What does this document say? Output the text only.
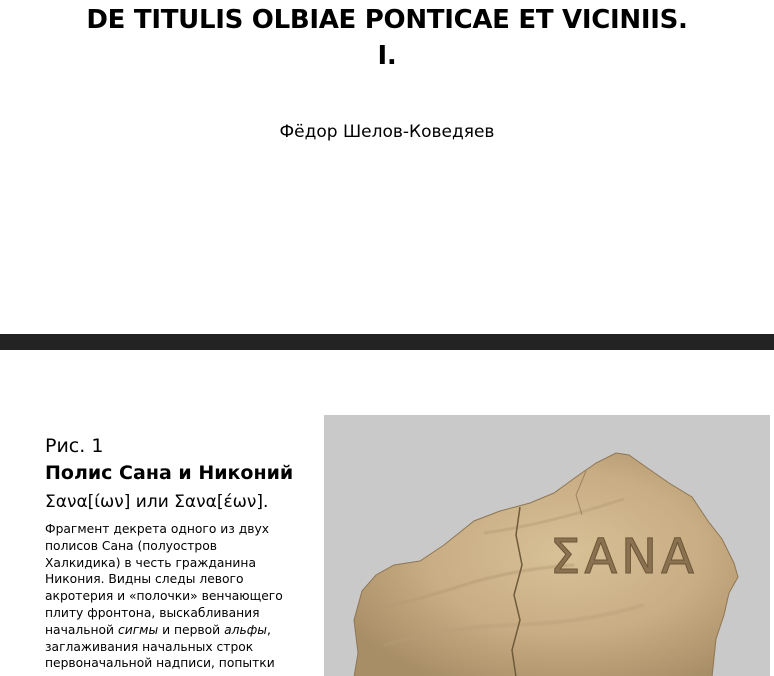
DE TITULIS OLBIAE PONTICAE ET VICINIIS.
I.
Фёдор Шелов-Коведяев
Рис. 1
Полис Сана и Никоний
Σανα[ίων] или Σανα[έων].
Фрагмент декрета одного из двух полисов Сана (полуостров Халкидика) в честь гражданина Никония. Видны следы левого акротерия и «полочки» венчающего плиту фронтона, выскабливания начальной сигмы и первой альфы, заглаживания начальных строк первоначальной надписи, попытки
ΣΑΝΑ
